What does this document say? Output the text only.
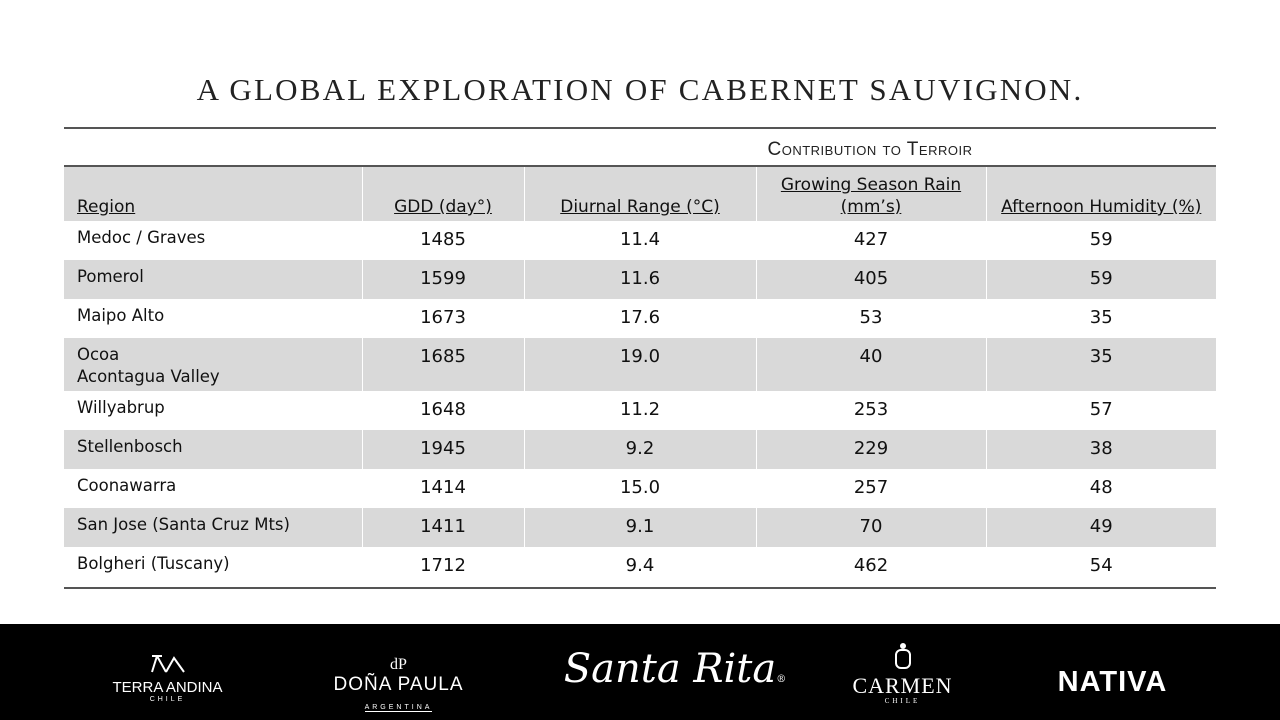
A GLOBAL EXPLORATION OF CABERNET SAUVIGNON.
Contribution to Terroir
Region	GDD (day°)	Diurnal Range (°C)	Growing Season Rain (mm’s)	Afternoon Humidity (%)
Medoc / Graves	1485	11.4	427	59
Pomerol	1599	11.6	405	59
Maipo Alto	1673	17.6	53	35
Ocoa
Acontagua Valley	1685	19.0	40	35
Willyabrup	1648	11.2	253	57
Stellenbosch	1945	9.2	229	38
Coonawarra	1414	15.0	257	48
San Jose (Santa Cruz Mts)	1411	9.1	70	49
Bolgheri (Tuscany)	1712	9.4	462	54
TERRA ANDINA
CHILE
dP
DOÑA PAULA
ARGENTINA
Santa Rita®	CARMEN
CHILE
NATIVA
